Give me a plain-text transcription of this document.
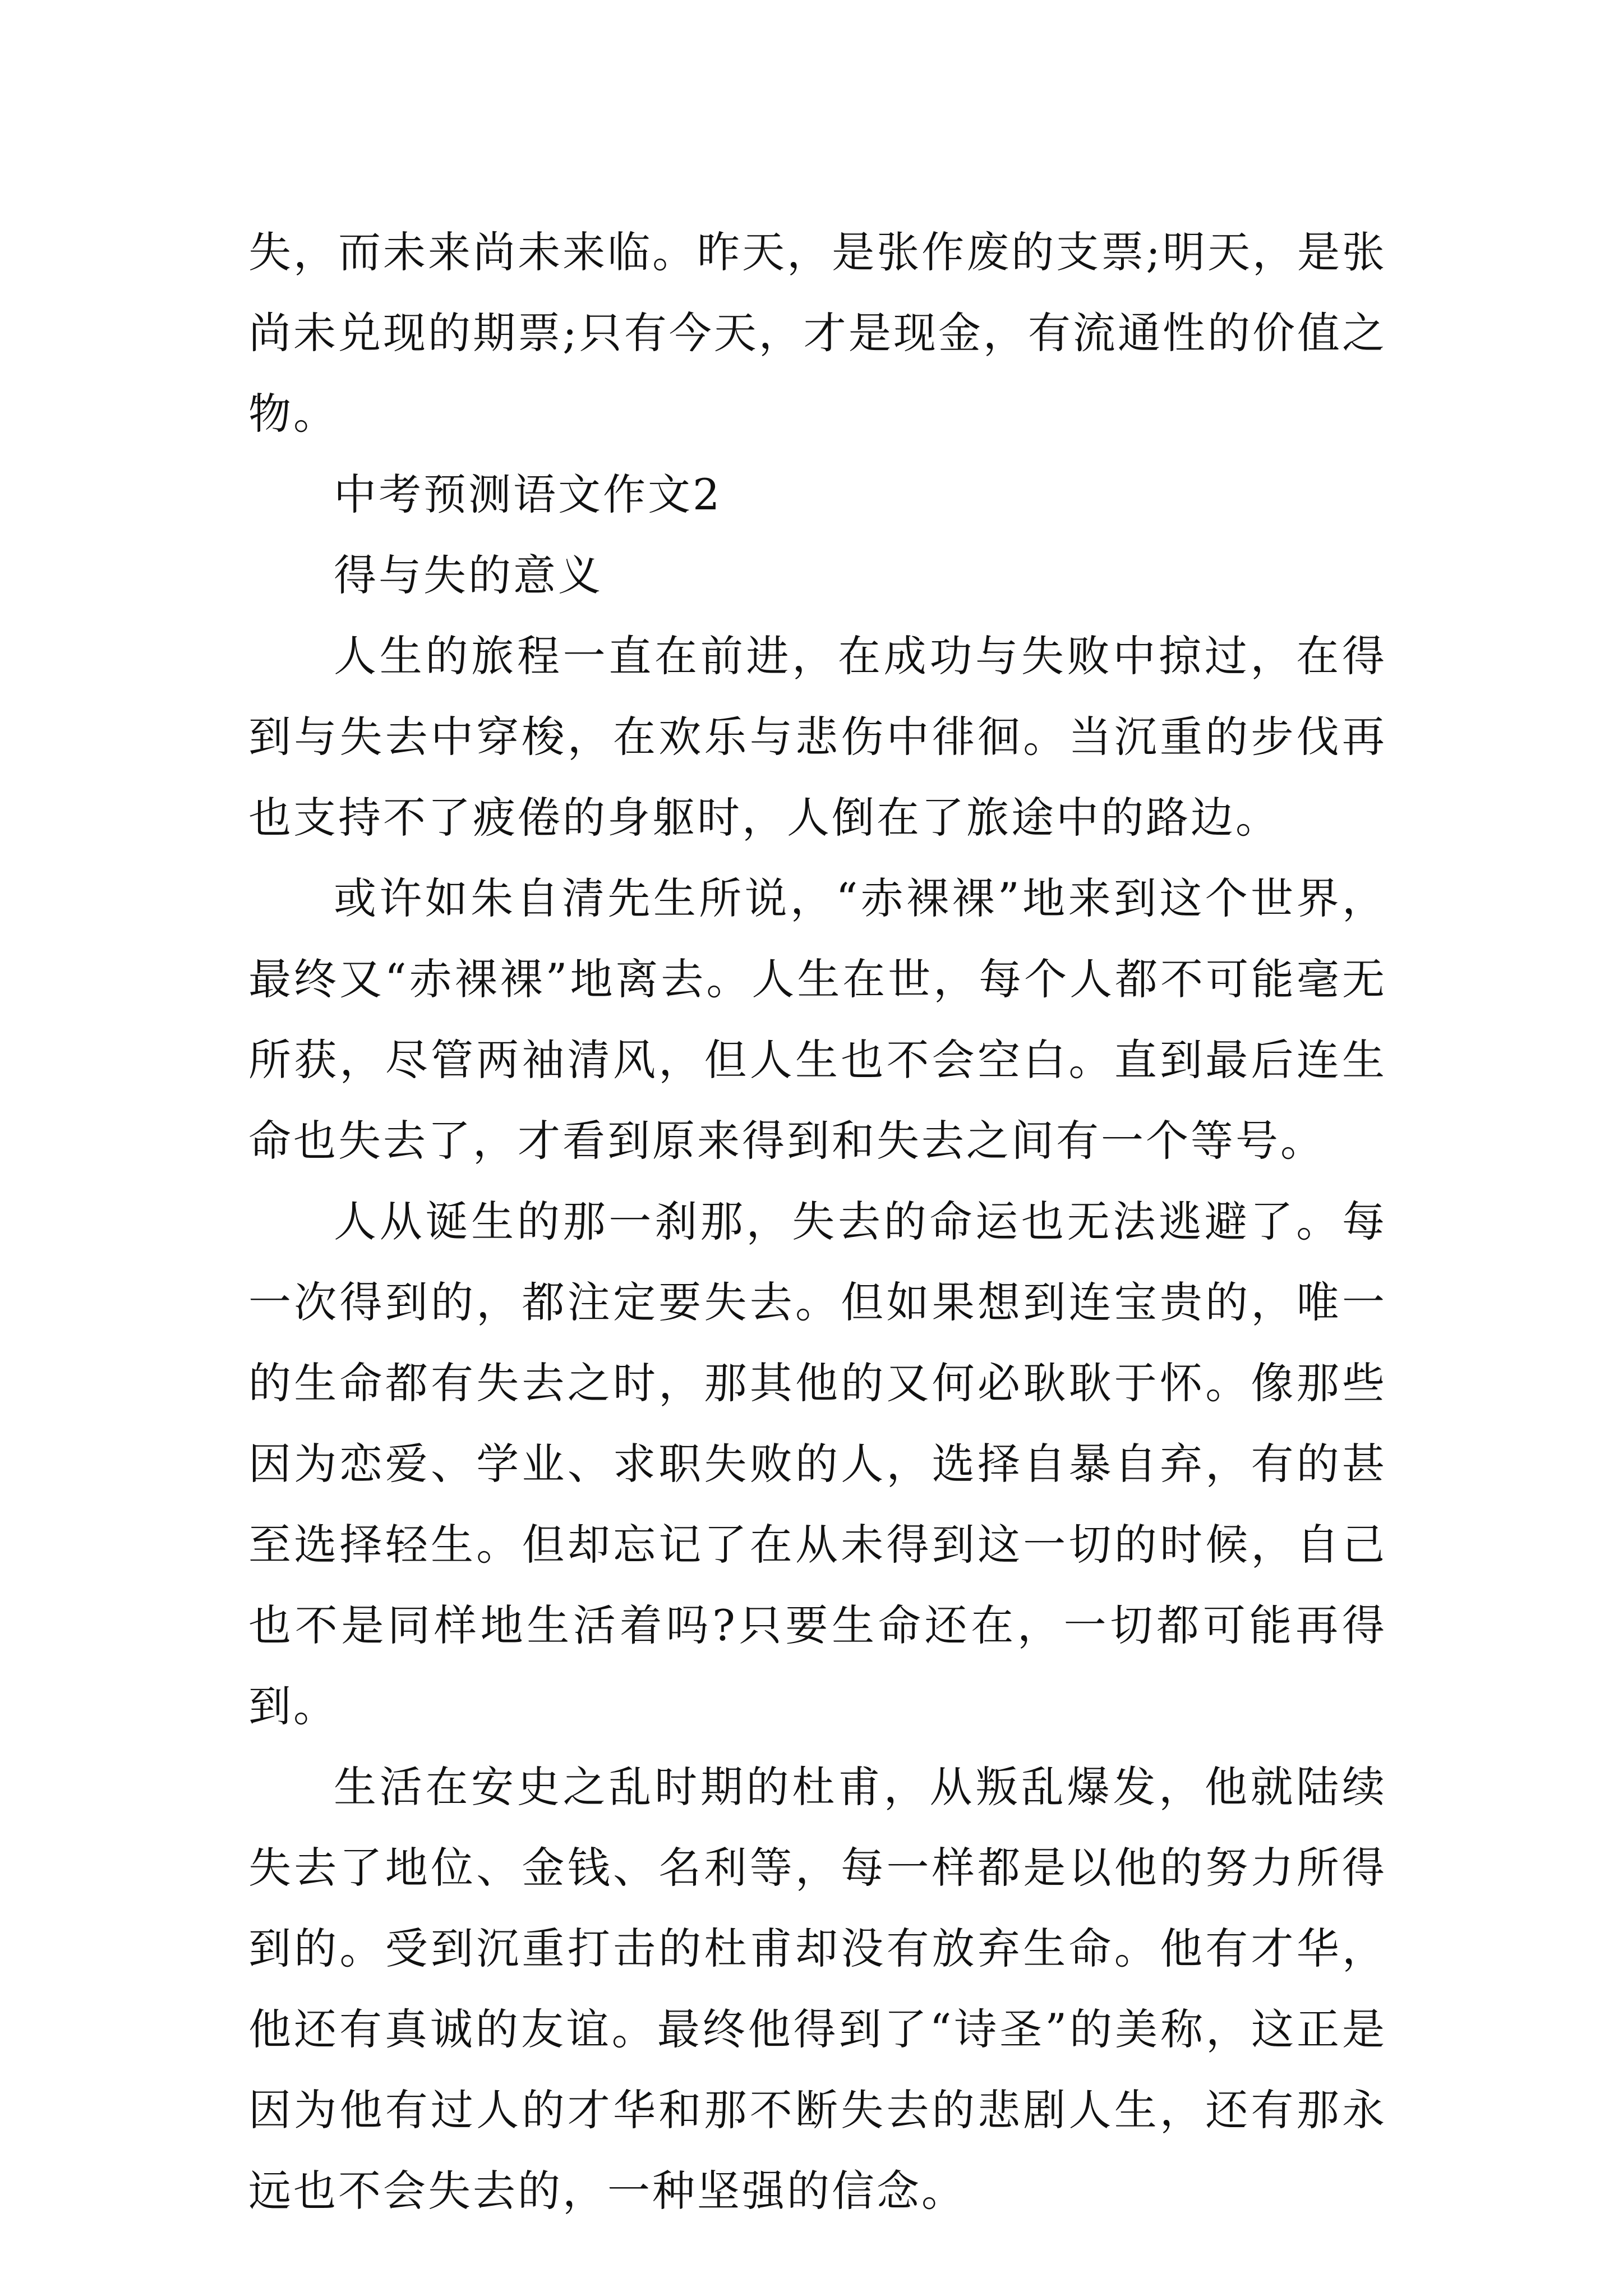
失，而未来尚未来临。昨天，是张作废的支票;明天，是张尚未兑现的期票;只有今天，才是现金，有流通性的价值之物。

中考预测语文作文2

得与失的意义

人生的旅程一直在前进，在成功与失败中掠过，在得到与失去中穿梭，在欢乐与悲伤中徘徊。当沉重的步伐再也支持不了疲倦的身躯时，人倒在了旅途中的路边。

或许如朱自清先生所说，“赤裸裸”地来到这个世界，最终又“赤裸裸”地离去。人生在世，每个人都不可能毫无所获，尽管两袖清风，但人生也不会空白。直到最后连生命也失去了，才看到原来得到和失去之间有一个等号。

人从诞生的那一刹那，失去的命运也无法逃避了。每一次得到的，都注定要失去。但如果想到连宝贵的，唯一的生命都有失去之时，那其他的又何必耿耿于怀。像那些因为恋爱、学业、求职失败的人，选择自暴自弃，有的甚至选择轻生。但却忘记了在从未得到这一切的时候，自己也不是同样地生活着吗?只要生命还在，一切都可能再得到。

生活在安史之乱时期的杜甫，从叛乱爆发，他就陆续失去了地位、金钱、名利等，每一样都是以他的努力所得到的。受到沉重打击的杜甫却没有放弃生命。他有才华，他还有真诚的友谊。最终他得到了“诗圣”的美称，这正是因为他有过人的才华和那不断失去的悲剧人生，还有那永远也不会失去的，一种坚强的信念。
